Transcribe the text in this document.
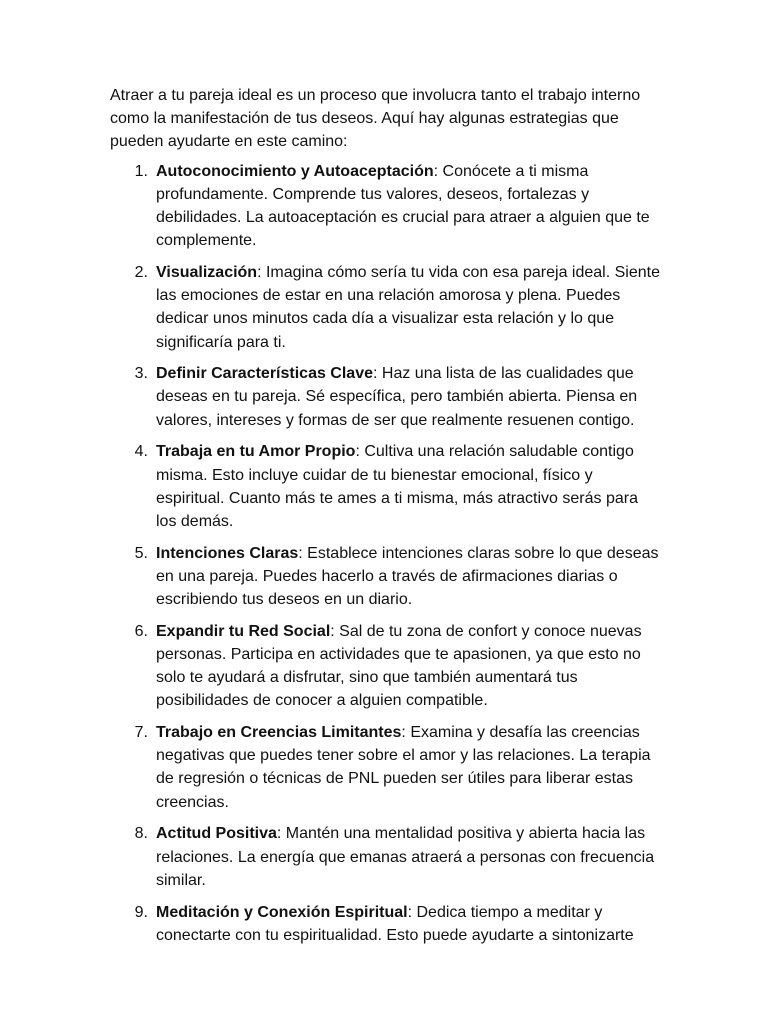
Atraer a tu pareja ideal es un proceso que involucra tanto el trabajo interno como la manifestación de tus deseos. Aquí hay algunas estrategias que pueden ayudarte en este camino:

1. Autoconocimiento y Autoaceptación: Conócete a ti misma profundamente. Comprende tus valores, deseos, fortalezas y debilidades. La autoaceptación es crucial para atraer a alguien que te complemente.
2. Visualización: Imagina cómo sería tu vida con esa pareja ideal. Siente las emociones de estar en una relación amorosa y plena. Puedes dedicar unos minutos cada día a visualizar esta relación y lo que significaría para ti.
3. Definir Características Clave: Haz una lista de las cualidades que deseas en tu pareja. Sé específica, pero también abierta. Piensa en valores, intereses y formas de ser que realmente resuenen contigo.
4. Trabaja en tu Amor Propio: Cultiva una relación saludable contigo misma. Esto incluye cuidar de tu bienestar emocional, físico y espiritual. Cuanto más te ames a ti misma, más atractivo serás para los demás.
5. Intenciones Claras: Establece intenciones claras sobre lo que deseas en una pareja. Puedes hacerlo a través de afirmaciones diarias o escribiendo tus deseos en un diario.
6. Expandir tu Red Social: Sal de tu zona de confort y conoce nuevas personas. Participa en actividades que te apasionen, ya que esto no solo te ayudará a disfrutar, sino que también aumentará tus posibilidades de conocer a alguien compatible.
7. Trabajo en Creencias Limitantes: Examina y desafía las creencias negativas que puedes tener sobre el amor y las relaciones. La terapia de regresión o técnicas de PNL pueden ser útiles para liberar estas creencias.
8. Actitud Positiva: Mantén una mentalidad positiva y abierta hacia las relaciones. La energía que emanas atraerá a personas con frecuencia similar.
9. Meditación y Conexión Espiritual: Dedica tiempo a meditar y conectarte con tu espiritualidad. Esto puede ayudarte a sintonizarte
